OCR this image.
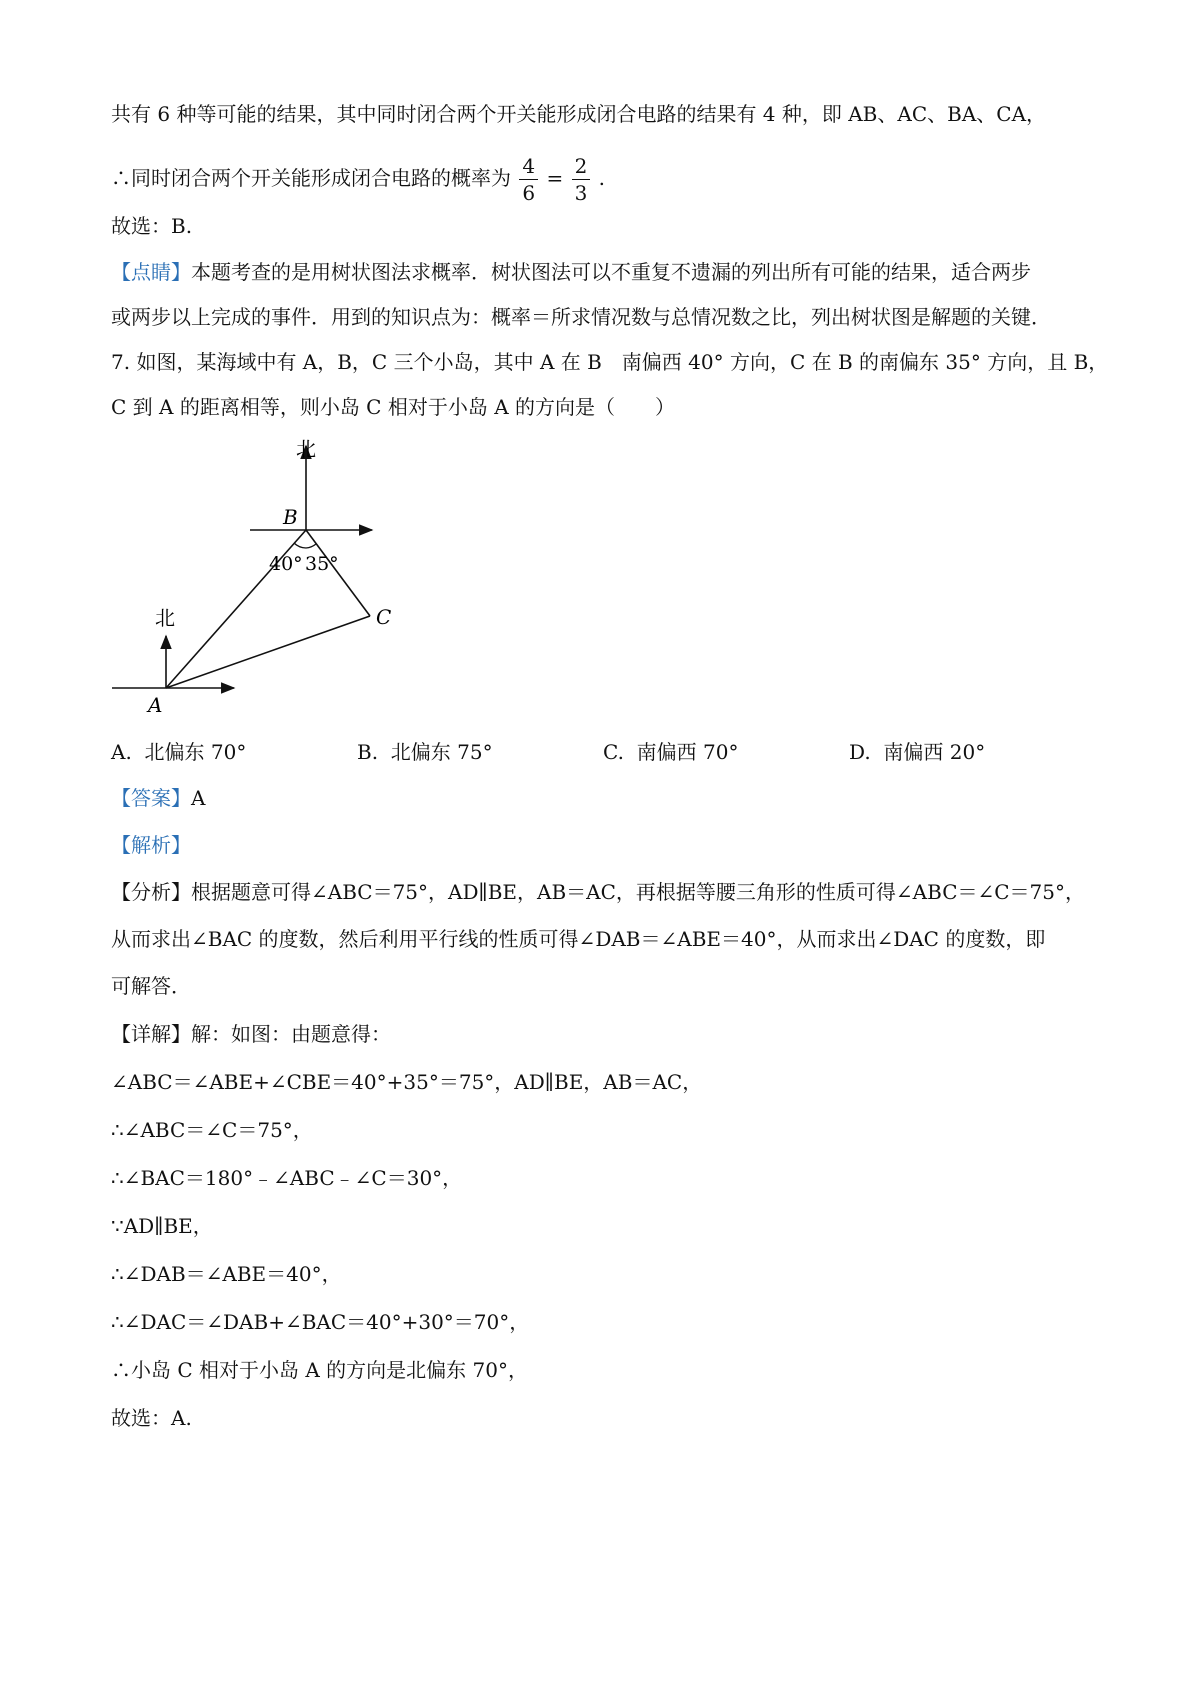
共有 6 种等可能的结果，其中同时闭合两个开关能形成闭合电路的结果有 4 种，即 AB、AC、BA、CA，
∴同时闭合两个开关能形成闭合电路的概率为 $\frac{4}{6} = \frac{2}{3}$ .
故选：B.
【点睛】本题考查的是用树状图法求概率．树状图法可以不重复不遗漏的列出所有可能的结果，适合两步
或两步以上完成的事件．用到的知识点为：概率＝所求情况数与总情况数之比，列出树状图是解题的关键．
7. 如图，某海域中有 A，B，C 三个小岛，其中 A 在 B　南偏西 40° 方向，C 在 B 的南偏东 35° 方向，且 B，
C 到 A 的距离相等，则小岛 C 相对于小岛 A 的方向是（　　）
北
B
40° 35°
C
北
A
A. 北偏东 70°	B. 北偏东 75°	C. 南偏西 70°	D. 南偏西 20°
【答案】A
【解析】
【分析】根据题意可得∠ABC＝75°，AD∥BE，AB＝AC，再根据等腰三角形的性质可得∠ABC＝∠C＝75°，
从而求出∠BAC 的度数，然后利用平行线的性质可得∠DAB＝∠ABE＝40°，从而求出∠DAC 的度数，即
可解答．
【详解】解：如图：由题意得：
∠ABC＝∠ABE+∠CBE＝40°+35°＝75°，AD∥BE，AB＝AC，
∴∠ABC＝∠C＝75°，
∴∠BAC＝180°﹣∠ABC﹣∠C＝30°，
∵AD∥BE，
∴∠DAB＝∠ABE＝40°，
∴∠DAC＝∠DAB+∠BAC＝40°+30°＝70°，
∴小岛 C 相对于小岛 A 的方向是北偏东 70°，
故选：A.
